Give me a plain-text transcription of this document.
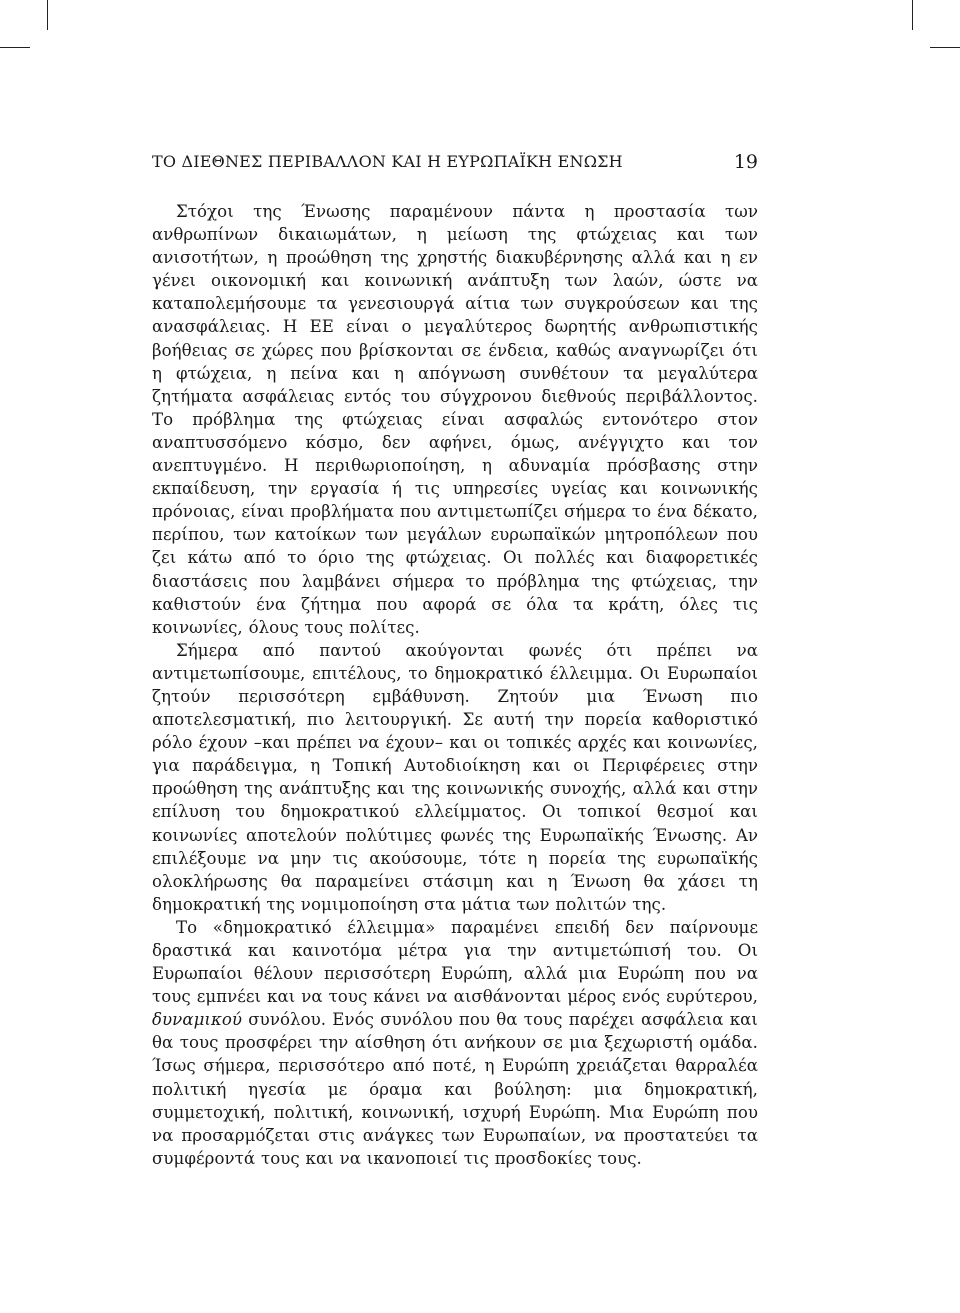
ΤΟ ΔΙΕΘΝΕΣ ΠΕΡΙΒΑΛΛΟΝ ΚΑΙ Η ΕΥΡΩΠΑΪΚΗ ΕΝΩΣΗ	19

Στόχοι της Ένωσης παραμένουν πάντα η προστασία των ανθρωπίνων δικαιωμάτων, η μείωση της φτώχειας και των ανισοτήτων, η προώθηση της χρηστής διακυβέρνησης αλλά και η εν γένει οικονομική και κοινωνική ανάπτυξη των λαών, ώστε να καταπολεμήσουμε τα γενεσιουργά αίτια των συγκρούσεων και της ανασφάλειας. Η ΕΕ είναι ο μεγαλύτερος δωρητής ανθρωπιστικής βοήθειας σε χώρες που βρίσκονται σε ένδεια, καθώς αναγνωρίζει ότι η φτώχεια, η πείνα και η απόγνωση συνθέτουν τα μεγαλύτερα ζητήματα ασφάλειας εντός του σύγχρονου διεθνούς περιβάλλοντος. Το πρόβλημα της φτώχειας είναι ασφαλώς εντονότερο στον αναπτυσσόμενο κόσμο, δεν αφήνει, όμως, ανέγγιχτο και τον ανεπτυγμένο. Η περιθωριοποίηση, η αδυναμία πρόσβασης στην εκπαίδευση, την εργασία ή τις υπηρεσίες υγείας και κοινωνικής πρόνοιας, είναι προβλήματα που αντιμετωπίζει σήμερα το ένα δέκατο, περίπου, των κατοίκων των μεγάλων ευρωπαϊκών μητροπόλεων που ζει κάτω από το όριο της φτώχειας. Οι πολλές και διαφορετικές διαστάσεις που λαμβάνει σήμερα το πρόβλημα της φτώχειας, την καθιστούν ένα ζήτημα που αφορά σε όλα τα κράτη, όλες τις κοινωνίες, όλους τους πολίτες.

Σήμερα από παντού ακούγονται φωνές ότι πρέπει να αντιμετωπίσουμε, επιτέλους, το δημοκρατικό έλλειμμα. Οι Ευρωπαίοι ζητούν περισσότερη εμβάθυνση. Ζητούν μια Ένωση πιο αποτελεσματική, πιο λειτουργική. Σε αυτή την πορεία καθοριστικό ρόλο έχουν –και πρέπει να έχουν– και οι τοπικές αρχές και κοινωνίες, για παράδειγμα, η Τοπική Αυτοδιοίκηση και οι Περιφέρειες στην προώθηση της ανάπτυξης και της κοινωνικής συνοχής, αλλά και στην επίλυση του δημοκρατικού ελλείμματος. Οι τοπικοί θεσμοί και κοινωνίες αποτελούν πολύτιμες φωνές της Ευρωπαϊκής Ένωσης. Αν επιλέξουμε να μην τις ακούσουμε, τότε η πορεία της ευρωπαϊκής ολοκλήρωσης θα παραμείνει στάσιμη και η Ένωση θα χάσει τη δημοκρατική της νομιμοποίηση στα μάτια των πολιτών της.

Το «δημοκρατικό έλλειμμα» παραμένει επειδή δεν παίρνουμε δραστικά και καινοτόμα μέτρα για την αντιμετώπισή του. Οι Ευρωπαίοι θέλουν περισσότερη Ευρώπη, αλλά μια Ευρώπη που να τους εμπνέει και να τους κάνει να αισθάνονται μέρος ενός ευρύτερου, δυναμικού συνόλου. Ενός συνόλου που θα τους παρέχει ασφάλεια και θα τους προσφέρει την αίσθηση ότι ανήκουν σε μια ξεχωριστή ομάδα. Ίσως σήμερα, περισσότερο από ποτέ, η Ευρώπη χρειάζεται θαρραλέα πολιτική ηγεσία με όραμα και βούληση: μια δημοκρατική, συμμετοχική, πολιτική, κοινωνική, ισχυρή Ευρώπη. Μια Ευρώπη που να προσαρμόζεται στις ανάγκες των Ευρωπαίων, να προστατεύει τα συμφέροντά τους και να ικανοποιεί τις προσδοκίες τους.
